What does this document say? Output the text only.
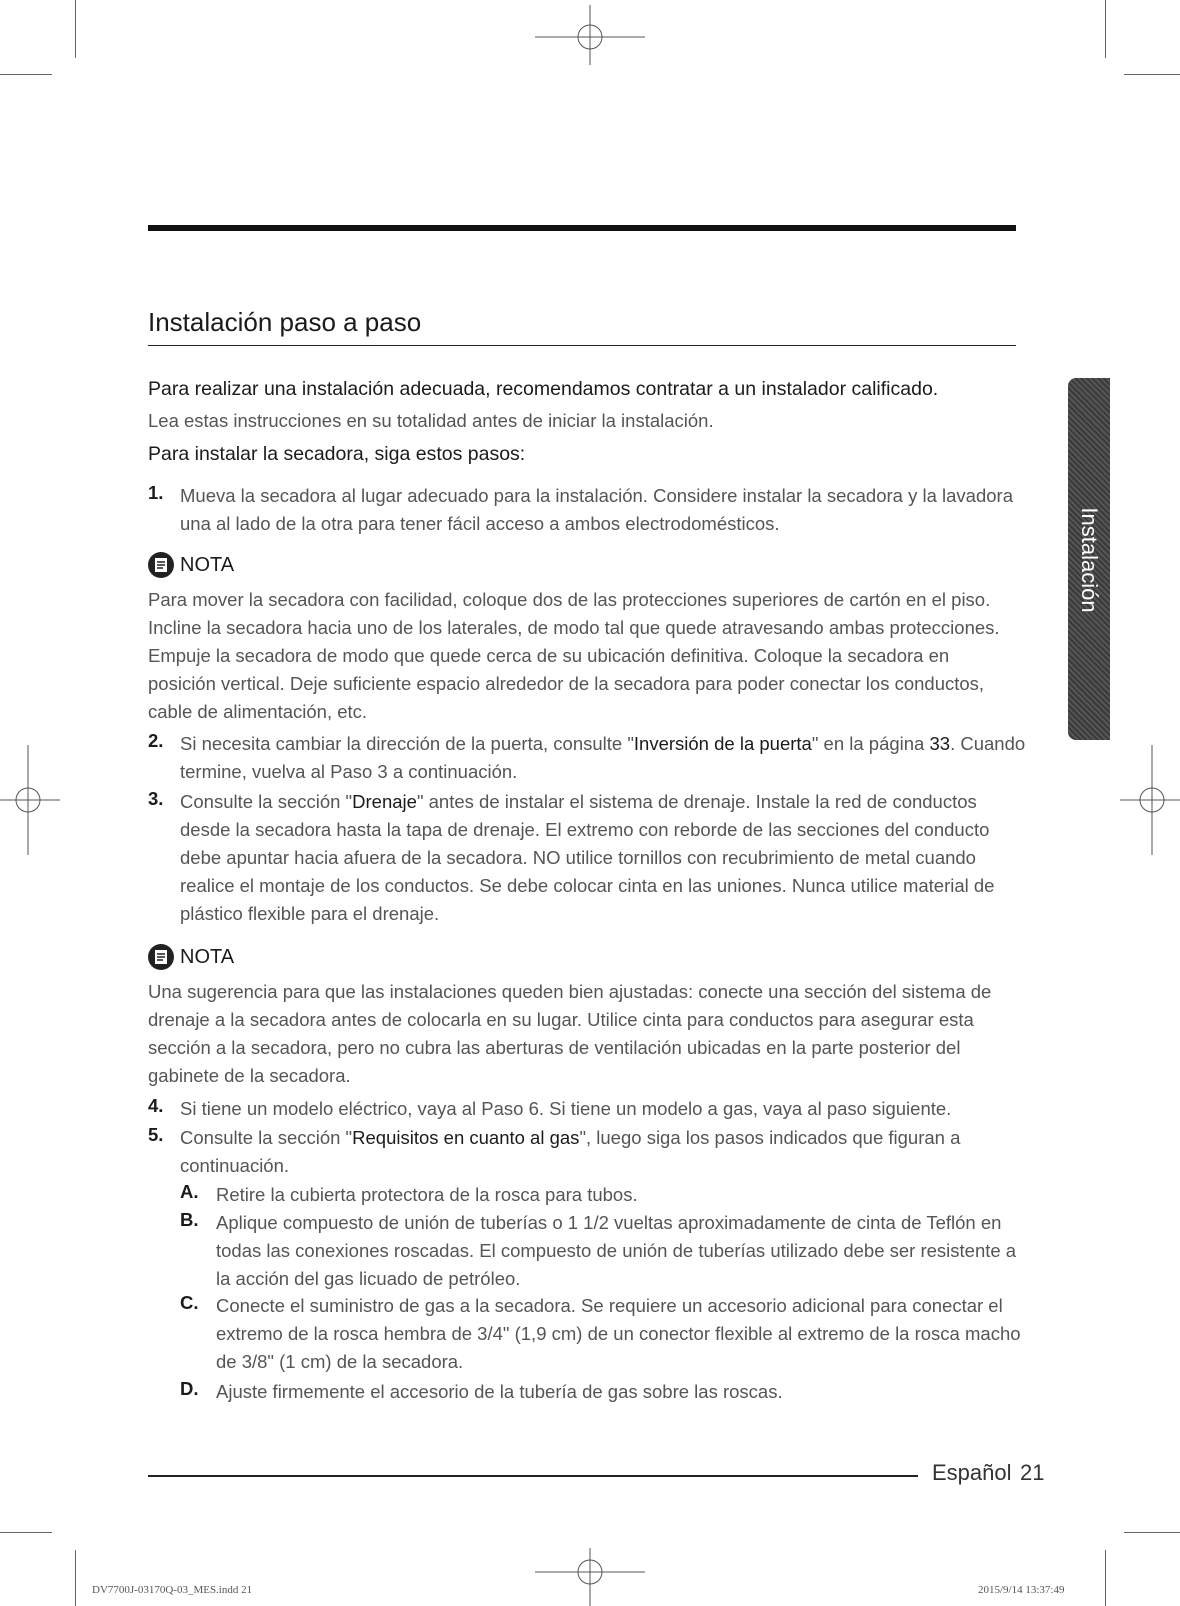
Instalación paso a paso
Instalación
Para realizar una instalación adecuada, recomendamos contratar a un instalador calificado.
Lea estas instrucciones en su totalidad antes de iniciar la instalación.
Para instalar la secadora, siga estos pasos:
1. Mueva la secadora al lugar adecuado para la instalación. Considere instalar la secadora y la lavadora una al lado de la otra para tener fácil acceso a ambos electrodomésticos.
NOTA
Para mover la secadora con facilidad, coloque dos de las protecciones superiores de cartón en el piso. Incline la secadora hacia uno de los laterales, de modo tal que quede atravesando ambas protecciones. Empuje la secadora de modo que quede cerca de su ubicación definitiva. Coloque la secadora en posición vertical. Deje suficiente espacio alrededor de la secadora para poder conectar los conductos, cable de alimentación, etc.
2. Si necesita cambiar la dirección de la puerta, consulte "Inversión de la puerta" en la página 33. Cuando termine, vuelva al Paso 3 a continuación.
3. Consulte la sección "Drenaje" antes de instalar el sistema de drenaje. Instale la red de conductos desde la secadora hasta la tapa de drenaje. El extremo con reborde de las secciones del conducto debe apuntar hacia afuera de la secadora. NO utilice tornillos con recubrimiento de metal cuando realice el montaje de los conductos. Se debe colocar cinta en las uniones. Nunca utilice material de plástico flexible para el drenaje.
NOTA
Una sugerencia para que las instalaciones queden bien ajustadas: conecte una sección del sistema de drenaje a la secadora antes de colocarla en su lugar. Utilice cinta para conductos para asegurar esta sección a la secadora, pero no cubra las aberturas de ventilación ubicadas en la parte posterior del gabinete de la secadora.
4. Si tiene un modelo eléctrico, vaya al Paso 6. Si tiene un modelo a gas, vaya al paso siguiente.
5. Consulte la sección "Requisitos en cuanto al gas", luego siga los pasos indicados que figuran a continuación.
A. Retire la cubierta protectora de la rosca para tubos.
B. Aplique compuesto de unión de tuberías o 1 1/2 vueltas aproximadamente de cinta de Teflón en todas las conexiones roscadas. El compuesto de unión de tuberías utilizado debe ser resistente a la acción del gas licuado de petróleo.
C. Conecte el suministro de gas a la secadora. Se requiere un accesorio adicional para conectar el extremo de la rosca hembra de 3/4" (1,9 cm) de un conector flexible al extremo de la rosca macho de 3/8" (1 cm) de la secadora.
D. Ajuste firmemente el accesorio de la tubería de gas sobre las roscas.
Español 21
DV7700J-03170Q-03_MES.indd 21	2015/9/14 13:37:49
